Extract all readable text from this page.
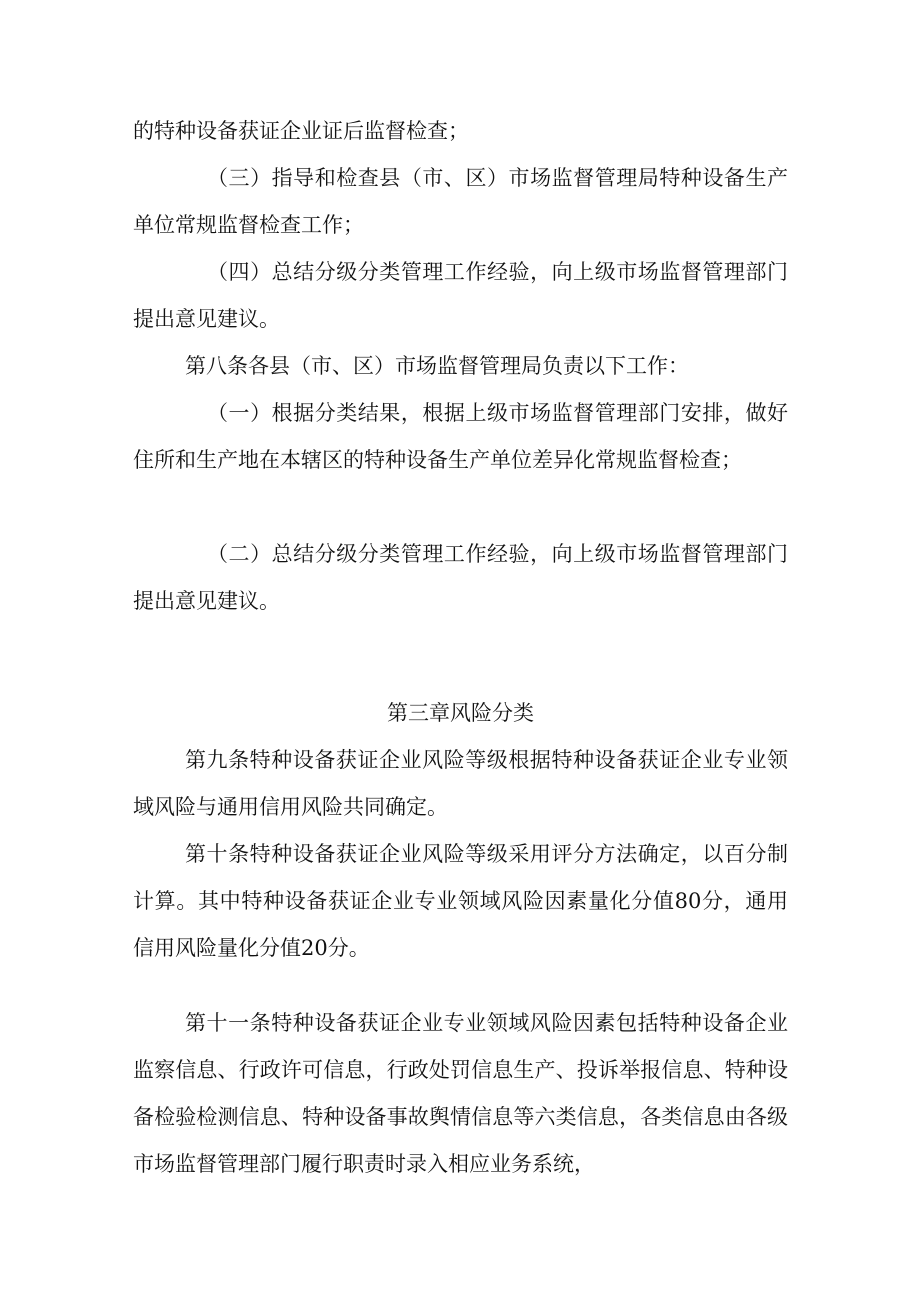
的特种设备获证企业证后监督检查；

（三）指导和检查县（市、区）市场监督管理局特种设备生产单位常规监督检查工作；

（四）总结分级分类管理工作经验，向上级市场监督管理部门提出意见建议。

第八条各县（市、区）市场监督管理局负责以下工作：

（一）根据分类结果，根据上级市场监督管理部门安排，做好住所和生产地在本辖区的特种设备生产单位差异化常规监督检查；

（二）总结分级分类管理工作经验，向上级市场监督管理部门提出意见建议。

第三章风险分类

第九条特种设备获证企业风险等级根据特种设备获证企业专业领域风险与通用信用风险共同确定。

第十条特种设备获证企业风险等级采用评分方法确定，以百分制计算。其中特种设备获证企业专业领域风险因素量化分值80分，通用信用风险量化分值20分。

第十一条特种设备获证企业专业领域风险因素包括特种设备企业监察信息、行政许可信息，行政处罚信息生产、投诉举报信息、特种设备检验检测信息、特种设备事故舆情信息等六类信息，各类信息由各级市场监督管理部门履行职责时录入相应业务系统，
